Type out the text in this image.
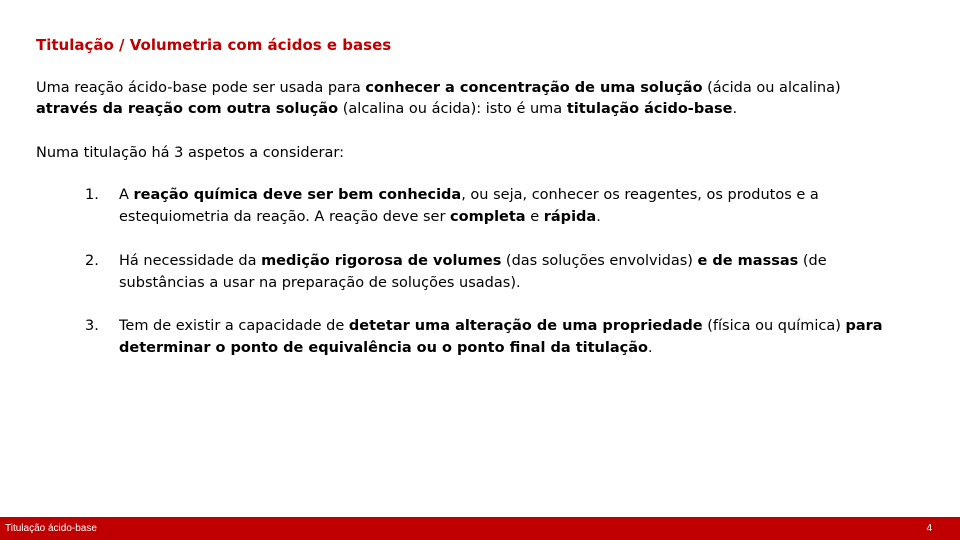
Titulação / Volumetria com ácidos e bases

Uma reação ácido-base pode ser usada para conhecer a concentração de uma solução (ácida ou alcalina) através da reação com outra solução (alcalina ou ácida): isto é uma titulação ácido-base.

Numa titulação há 3 aspetos a considerar:

1. A reação química deve ser bem conhecida, ou seja, conhecer os reagentes, os produtos e a estequiometria da reação. A reação deve ser completa e rápida.
2. Há necessidade da medição rigorosa de volumes (das soluções envolvidas) e de massas (de substâncias a usar na preparação de soluções usadas).
3. Tem de existir a capacidade de detetar uma alteração de uma propriedade (física ou química) para determinar o ponto de equivalência ou o ponto final da titulação.
Titulação ácido-base	4
